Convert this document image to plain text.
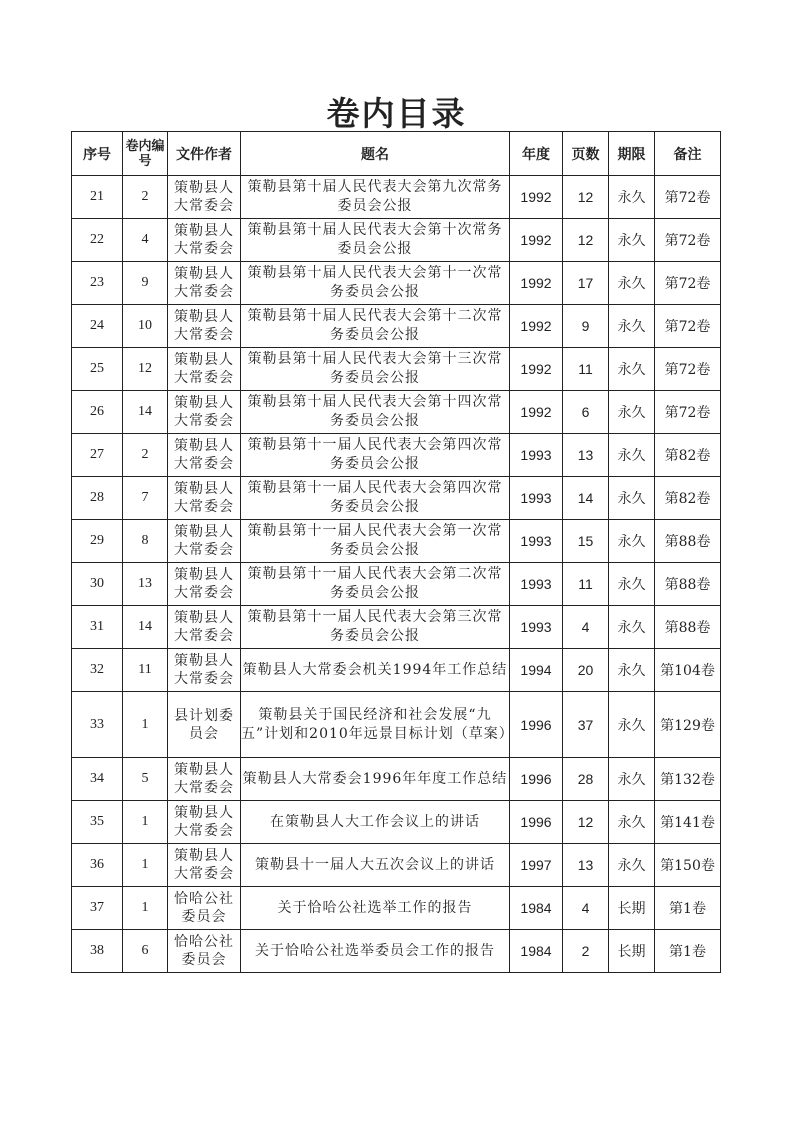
卷内目录
序号	卷内编号	文件作者	题名	年度	页数	期限	备注
21	2	策勒县人大常委会	策勒县第十届人民代表大会第九次常务委员会公报	1992	12	永久	第72卷
22	4	策勒县人大常委会	策勒县第十届人民代表大会第十次常务委员会公报	1992	12	永久	第72卷
23	9	策勒县人大常委会	策勒县第十届人民代表大会第十一次常务委员会公报	1992	17	永久	第72卷
24	10	策勒县人大常委会	策勒县第十届人民代表大会第十二次常务委员会公报	1992	9	永久	第72卷
25	12	策勒县人大常委会	策勒县第十届人民代表大会第十三次常务委员会公报	1992	11	永久	第72卷
26	14	策勒县人大常委会	策勒县第十届人民代表大会第十四次常务委员会公报	1992	6	永久	第72卷
27	2	策勒县人大常委会	策勒县第十一届人民代表大会第四次常务委员会公报	1993	13	永久	第82卷
28	7	策勒县人大常委会	策勒县第十一届人民代表大会第四次常务委员会公报	1993	14	永久	第82卷
29	8	策勒县人大常委会	策勒县第十一届人民代表大会第一次常务委员会公报	1993	15	永久	第88卷
30	13	策勒县人大常委会	策勒县第十一届人民代表大会第二次常务委员会公报	1993	11	永久	第88卷
31	14	策勒县人大常委会	策勒县第十一届人民代表大会第三次常务委员会公报	1993	4	永久	第88卷
32	11	策勒县人大常委会	策勒县人大常委会机关1994年工作总结	1994	20	永久	第104卷
33	1	县计划委员会	策勒县关于国民经济和社会发展“九五”计划和2010年远景目标计划（草案）	1996	37	永久	第129卷
34	5	策勒县人大常委会	策勒县人大常委会1996年年度工作总结	1996	28	永久	第132卷
35	1	策勒县人大常委会	在策勒县人大工作会议上的讲话	1996	12	永久	第141卷
36	1	策勒县人大常委会	策勒县十一届人大五次会议上的讲话	1997	13	永久	第150卷
37	1	恰哈公社委员会	关于恰哈公社选举工作的报告	1984	4	长期	第1卷
38	6	恰哈公社委员会	关于恰哈公社选举委员会工作的报告	1984	2	长期	第1卷
